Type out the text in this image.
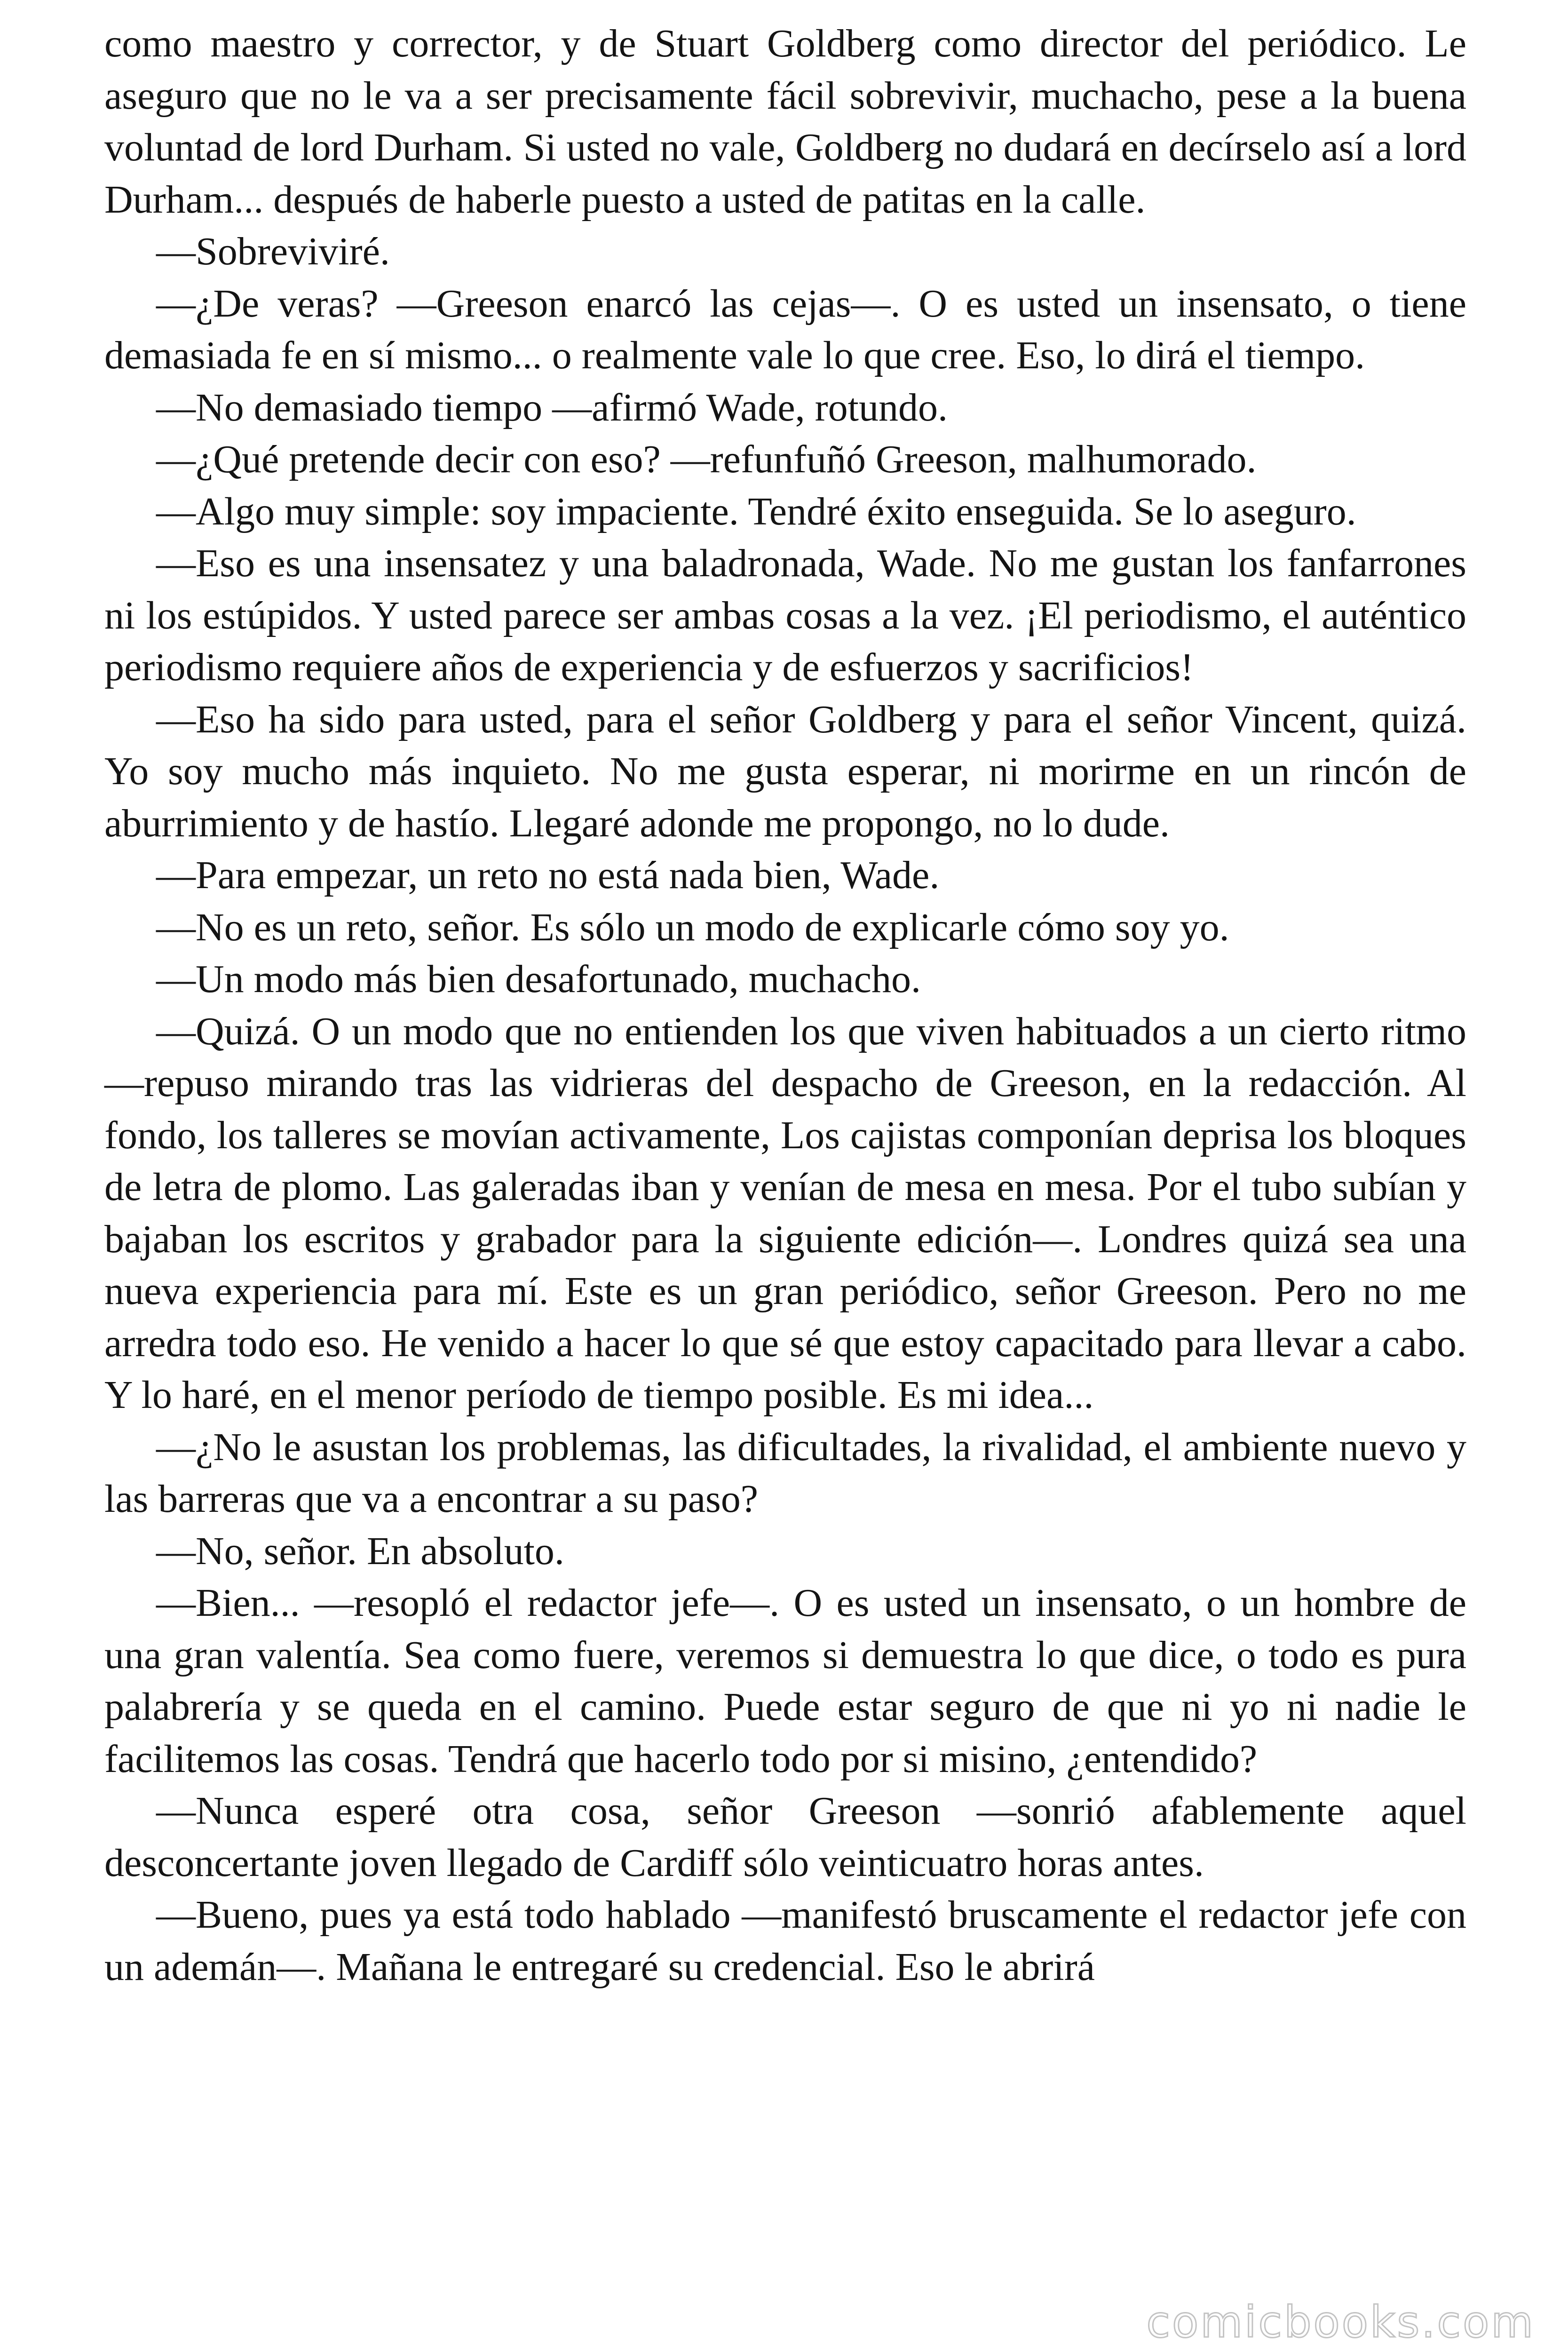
como maestro y corrector, y de Stuart Goldberg como director del periódico. Le aseguro que no le va a ser precisamente fácil sobrevivir, muchacho, pese a la buena voluntad de lord Durham. Si usted no vale, Goldberg no dudará en decírselo así a lord Durham... después de haberle puesto a usted de patitas en la calle.

—Sobreviviré.

—¿De veras? —Greeson enarcó las cejas—. O es usted un insensato, o tiene demasiada fe en sí mismo... o realmente vale lo que cree. Eso, lo dirá el tiempo.

—No demasiado tiempo —afirmó Wade, rotundo.

—¿Qué pretende decir con eso? —refunfuñó Greeson, malhumorado.

—Algo muy simple: soy impaciente. Tendré éxito enseguida. Se lo aseguro.

—Eso es una insensatez y una baladronada, Wade. No me gustan los fanfarrones ni los estúpidos. Y usted parece ser ambas cosas a la vez. ¡El periodismo, el auténtico periodismo requiere años de experiencia y de esfuerzos y sacrificios!

—Eso ha sido para usted, para el señor Goldberg y para el señor Vincent, quizá. Yo soy mucho más inquieto. No me gusta esperar, ni morirme en un rincón de aburrimiento y de hastío. Llegaré adonde me propongo, no lo dude.

—Para empezar, un reto no está nada bien, Wade.

—No es un reto, señor. Es sólo un modo de explicarle cómo soy yo.

—Un modo más bien desafortunado, muchacho.

—Quizá. O un modo que no entienden los que viven habituados a un cierto ritmo —repuso mirando tras las vidrieras del despacho de Greeson, en la redacción. Al fondo, los talleres se movían activamente, Los cajistas componían deprisa los bloques de letra de plomo. Las galeradas iban y venían de mesa en mesa. Por el tubo subían y bajaban los escritos y grabador para la siguiente edición—. Londres quizá sea una nueva experiencia para mí. Este es un gran periódico, señor Greeson. Pero no me arredra todo eso. He venido a hacer lo que sé que estoy capacitado para llevar a cabo. Y lo haré, en el menor período de tiempo posible. Es mi idea...

—¿No le asustan los problemas, las dificultades, la rivalidad, el ambiente nuevo y las barreras que va a encontrar a su paso?

—No, señor. En absoluto.

—Bien... —resopló el redactor jefe—. O es usted un insensato, o un hombre de una gran valentía. Sea como fuere, veremos si demuestra lo que dice, o todo es pura palabrería y se queda en el camino. Puede estar seguro de que ni yo ni nadie le facilitemos las cosas. Tendrá que hacerlo todo por si misino, ¿entendido?

—Nunca esperé otra cosa, señor Greeson —sonrió afablemente aquel desconcertante joven llegado de Cardiff sólo veinticuatro horas antes.

—Bueno, pues ya está todo hablado —manifestó bruscamente el redactor jefe con un ademán—. Mañana le entregaré su credencial. Eso le abrirá

comicbooks.com
